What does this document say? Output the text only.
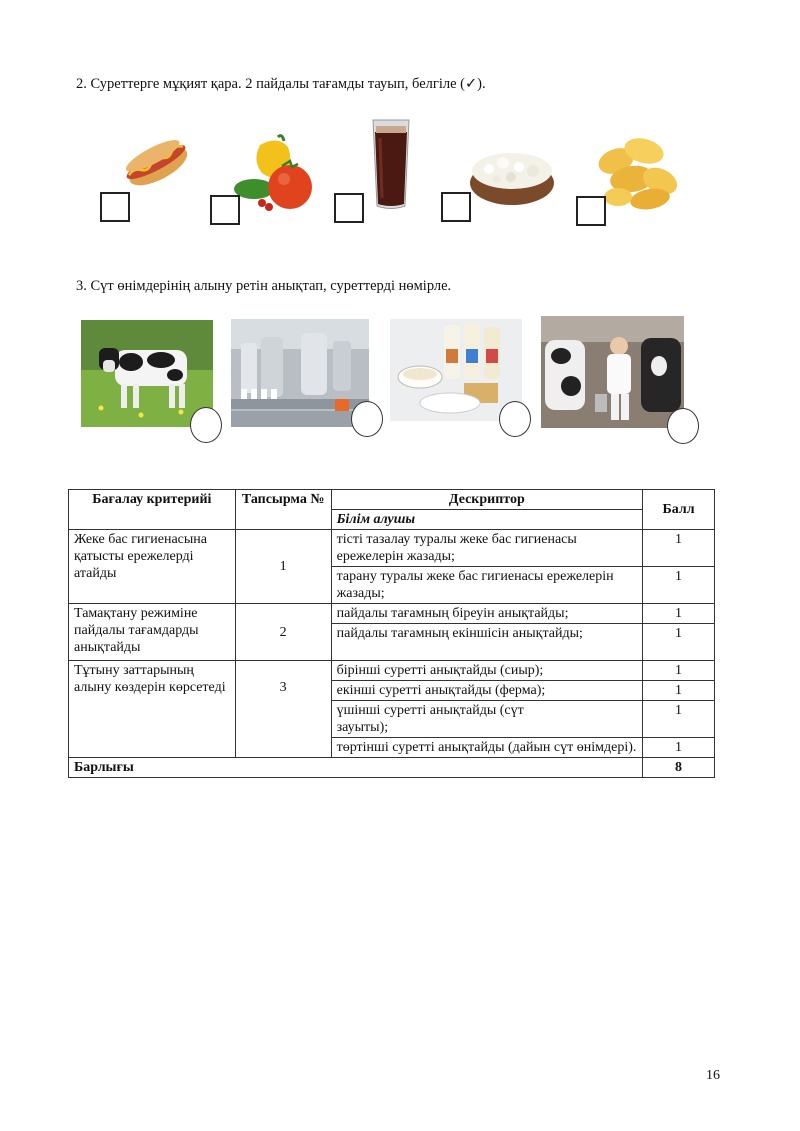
2. Суреттерге мұқият қара. 2 пайдалы тағамды тауып, белгіле (✓).
3. Сүт өнімдерінің алыну ретін анықтап, суреттерді нөмірле.
Бағалау критерийі	Тапсырма №	Дескриптор	Балл
		Білім алушы	
Жеке бас гигиенасына қатысты ережелерді атайды	1	тісті тазалау туралы жеке бас гигиенасы ережелерін жазады;	1
		тарану туралы жеке бас гигиенасы ережелерін жазады;	1
Тамақтану режиміне пайдалы тағамдарды анықтайды	2	пайдалы тағамның біреуін анықтайды;	1
		пайдалы тағамның екіншісін анықтайды;	1
Тұтыну заттарының алыну көздерін көрсетеді	3	бірінші суретті анықтайды (сиыр);	1
		екінші суретті анықтайды (ферма);	1
		үшінші суретті анықтайды (сүт зауыты);	1
		төртінші суретті анықтайды (дайын сүт өнімдері).	1
Барлығы			8
16
